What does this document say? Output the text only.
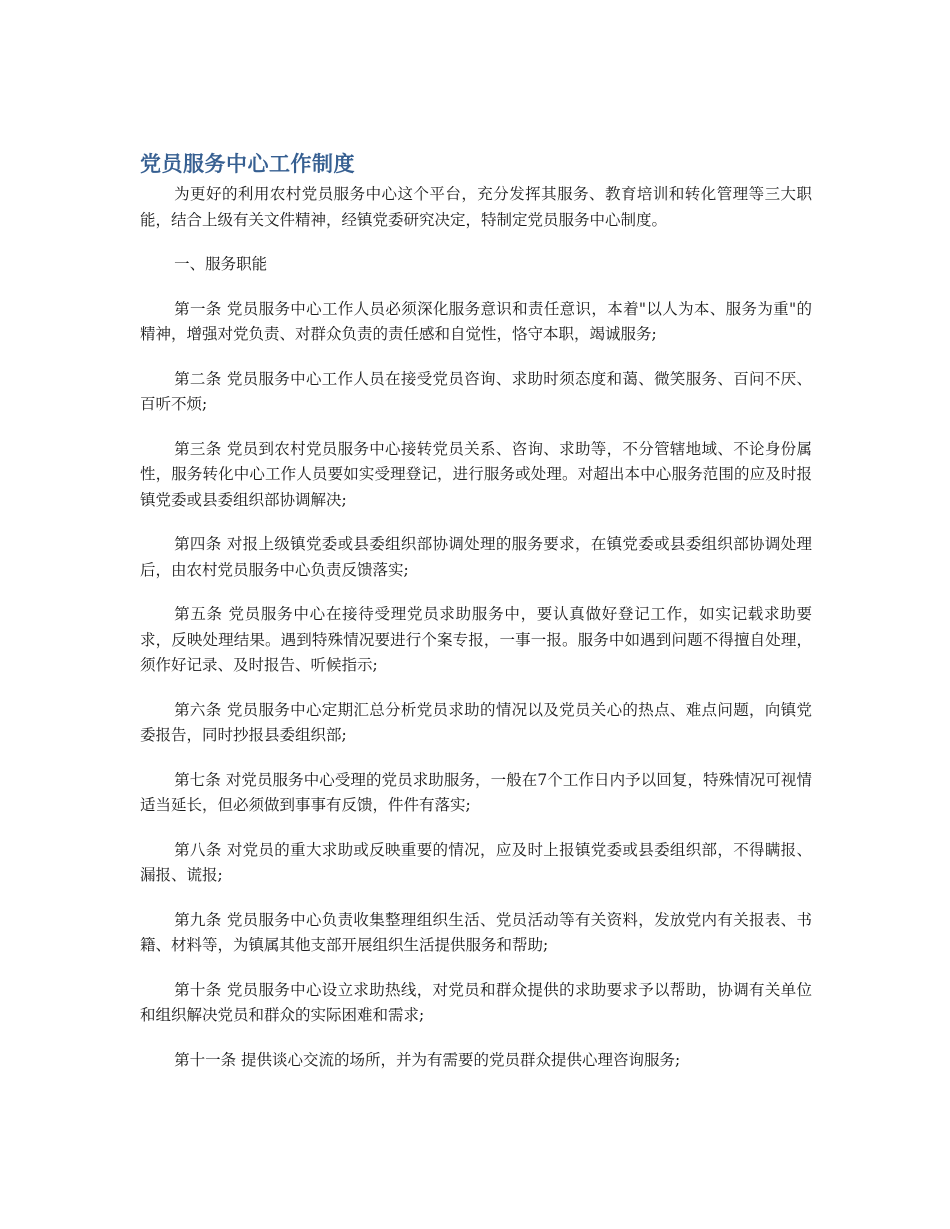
党员服务中心工作制度

为更好的利用农村党员服务中心这个平台，充分发挥其服务、教育培训和转化管理等三大职能，结合上级有关文件精神，经镇党委研究决定，特制定党员服务中心制度。

一、服务职能

第一条 党员服务中心工作人员必须深化服务意识和责任意识，本着"以人为本、服务为重"的精神，增强对党负责、对群众负责的责任感和自觉性，恪守本职，竭诚服务;

第二条 党员服务中心工作人员在接受党员咨询、求助时须态度和蔼、微笑服务、百问不厌、百听不烦;

第三条 党员到农村党员服务中心接转党员关系、咨询、求助等，不分管辖地域、不论身份属性，服务转化中心工作人员要如实受理登记，进行服务或处理。对超出本中心服务范围的应及时报镇党委或县委组织部协调解决;

第四条 对报上级镇党委或县委组织部协调处理的服务要求，在镇党委或县委组织部协调处理后，由农村党员服务中心负责反馈落实;

第五条 党员服务中心在接待受理党员求助服务中，要认真做好登记工作，如实记载求助要求，反映处理结果。遇到特殊情况要进行个案专报，一事一报。服务中如遇到问题不得擅自处理，须作好记录、及时报告、听候指示;

第六条 党员服务中心定期汇总分析党员求助的情况以及党员关心的热点、难点问题，向镇党委报告，同时抄报县委组织部;

第七条 对党员服务中心受理的党员求助服务，一般在7个工作日内予以回复，特殊情况可视情适当延长，但必须做到事事有反馈，件件有落实;

第八条 对党员的重大求助或反映重要的情况，应及时上报镇党委或县委组织部，不得瞒报、漏报、谎报;

第九条 党员服务中心负责收集整理组织生活、党员活动等有关资料，发放党内有关报表、书籍、材料等，为镇属其他支部开展组织生活提供服务和帮助;

第十条 党员服务中心设立求助热线，对党员和群众提供的求助要求予以帮助，协调有关单位和组织解决党员和群众的实际困难和需求;

第十一条 提供谈心交流的场所，并为有需要的党员群众提供心理咨询服务;
